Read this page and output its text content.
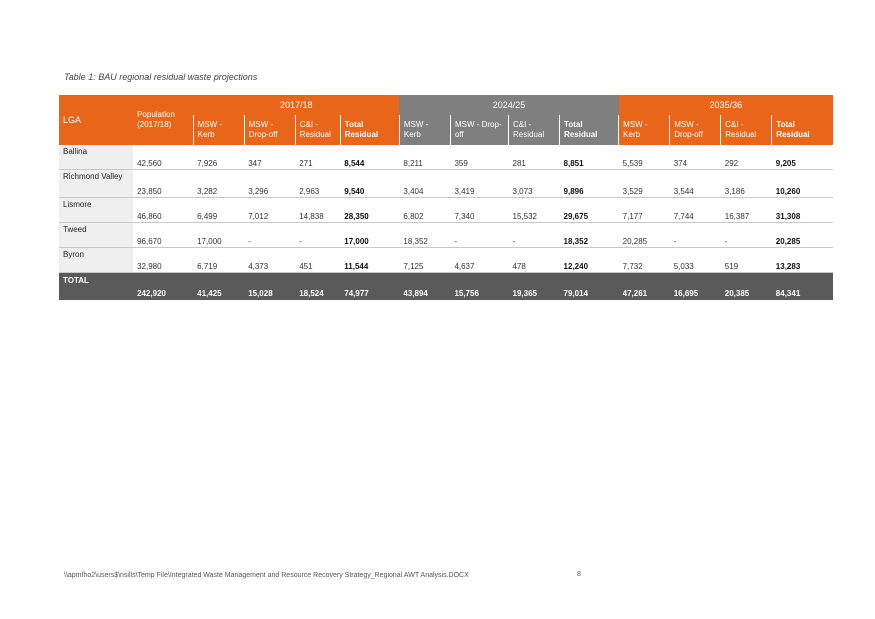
Table 1: BAU regional residual waste projections
LGA	Population (2017/18)	2017/18				2024/25				2035/36			
		MSW - Kerb	MSW - Drop-off	C&I - Residual	Total Residual	MSW - Kerb	MSW - Drop-off	C&I - Residual	Total Residual	MSW - Kerb	MSW - Drop-off	C&I - Residual	Total Residual
Ballina	42,560	7,926	347	271	8,544	8,211	359	281	8,851	5,539	374	292	9,205
Richmond Valley	23,850	3,282	3,296	2,963	9,540	3,404	3,419	3,073	9,896	3,529	3,544	3,186	10,260
Lismore	46,860	6,499	7,012	14,838	28,350	6,802	7,340	15,532	29,675	7,177	7,744	16,387	31,308
Tweed	96,670	17,000	-	-	17,000	18,352	-	-	18,352	20,285	-	-	20,285
Byron	32,980	6,719	4,373	451	11,544	7,125	4,637	478	12,240	7,732	5,033	519	13,283
TOTAL	242,920	41,425	15,028	18,524	74,977	43,894	15,756	19,365	79,014	47,261	16,695	20,385	84,341
\\apmfho2\users$\nsills\Temp File\Integrated Waste Management and Resource Recovery Strategy_Regional AWT Analysis.DOCX	8
